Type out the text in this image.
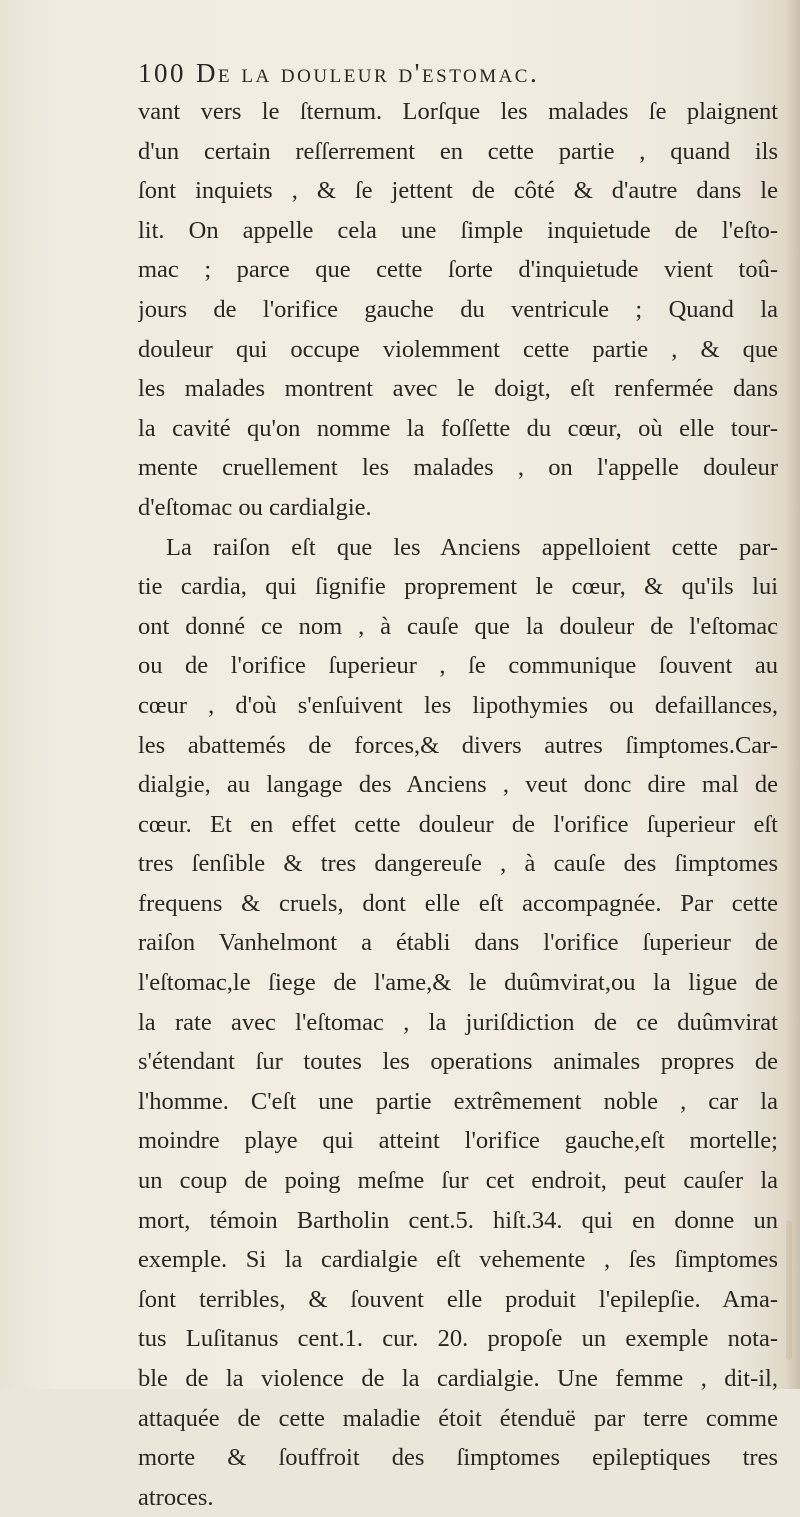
100 De la douleur d'estomac.
vant vers le ſternum. Lorſque les malades ſe plaignent
d'un certain reſſerrement en cette partie , quand ils
ſont inquiets , & ſe jettent de côté & d'autre dans le
lit. On appelle cela une ſimple inquietude de l'eſto-
mac ; parce que cette ſorte d'inquietude vient toû-
jours de l'orifice gauche du ventricule ; Quand la
douleur qui occupe violemment cette partie , & que
les malades montrent avec le doigt, eſt renfermée dans
la cavité qu'on nomme la foſſette du cœur, où elle tour-
mente cruellement les malades , on l'appelle douleur
d'eſtomac ou cardialgie.
La raiſon eſt que les Anciens appelloient cette par-
tie cardia, qui ſignifie proprement le cœur, & qu'ils lui
ont donné ce nom , à cauſe que la douleur de l'eſtomac
ou de l'orifice ſuperieur , ſe communique ſouvent au
cœur , d'où s'enſuivent les lipothymies ou defaillances,
les abattemés de forces,& divers autres ſimptomes.Car-
dialgie, au langage des Anciens , veut donc dire mal de
cœur. Et en effet cette douleur de l'orifice ſuperieur eſt
tres ſenſible & tres dangereuſe , à cauſe des ſimptomes
frequens & cruels, dont elle eſt accompagnée. Par cette
raiſon Vanhelmont a établi dans l'orifice ſuperieur de
l'eſtomac,le ſiege de l'ame,& le duûmvirat,ou la ligue de
la rate avec l'eſtomac , la juriſdiction de ce duûmvirat
s'étendant ſur toutes les operations animales propres de
l'homme. C'eſt une partie extrêmement noble , car la
moindre playe qui atteint l'orifice gauche,eſt mortelle;
un coup de poing meſme ſur cet endroit, peut cauſer la
mort, témoin Bartholin cent.5. hiſt.34. qui en donne un
exemple. Si la cardialgie eſt vehemente , ſes ſimptomes
ſont terribles, & ſouvent elle produit l'epilepſie. Ama-
tus Luſitanus cent.1. cur. 20. propoſe un exemple nota-
ble de la violence de la cardialgie. Une femme , dit-il,
attaquée de cette maladie étoit étenduë par terre comme
morte & ſouffroit des ſimptomes epileptiques tres
atroces.
